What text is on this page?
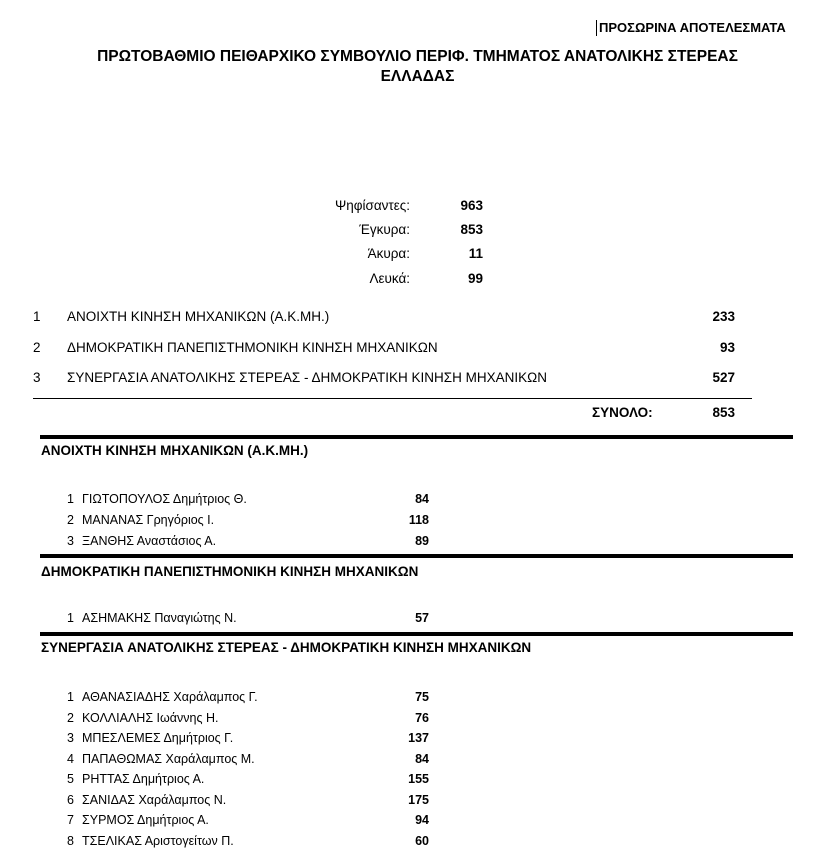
ΠΡΟΣΩΡΙΝΑ ΑΠΟΤΕΛΕΣΜΑΤΑ
ΠΡΩΤΟΒΑΘΜΙΟ ΠΕΙΘΑΡΧΙΚΟ ΣΥΜΒΟΥΛΙΟ ΠΕΡΙΦ. ΤΜΗΜΑΤΟΣ ΑΝΑΤΟΛΙΚΗΣ ΣΤΕΡΕΑΣ
ΕΛΛΑΔΑΣ
Ψηφίσαντες:	963
Έγκυρα:	853
Άκυρα:	11
Λευκά:	99
1 ΑΝΟΙΧΤΗ ΚΙΝΗΣΗ ΜΗΧΑΝΙΚΩΝ (Α.Κ.ΜΗ.)	233
2 ΔΗΜΟΚΡΑΤΙΚΗ ΠΑΝΕΠΙΣΤΗΜΟΝΙΚΗ ΚΙΝΗΣΗ ΜΗΧΑΝΙΚΩΝ	93
3 ΣΥΝΕΡΓΑΣΙΑ ΑΝΑΤΟΛΙΚΗΣ ΣΤΕΡΕΑΣ - ΔΗΜΟΚΡΑΤΙΚΗ ΚΙΝΗΣΗ ΜΗΧΑΝΙΚΩΝ	527
ΣΥΝΟΛΟ:	853
ΑΝΟΙΧΤΗ ΚΙΝΗΣΗ ΜΗΧΑΝΙΚΩΝ (Α.Κ.ΜΗ.)
1 ΓΙΩΤΟΠΟΥΛΟΣ Δημήτριος Θ.	84
2 ΜΑΝΑΝΑΣ Γρηγόριος Ι.	118
3 ΞΑΝΘΗΣ Αναστάσιος Α.	89
ΔΗΜΟΚΡΑΤΙΚΗ ΠΑΝΕΠΙΣΤΗΜΟΝΙΚΗ ΚΙΝΗΣΗ ΜΗΧΑΝΙΚΩΝ
1 ΑΣΗΜΑΚΗΣ Παναγιώτης Ν.	57
ΣΥΝΕΡΓΑΣΙΑ ΑΝΑΤΟΛΙΚΗΣ ΣΤΕΡΕΑΣ - ΔΗΜΟΚΡΑΤΙΚΗ ΚΙΝΗΣΗ ΜΗΧΑΝΙΚΩΝ
1 ΑΘΑΝΑΣΙΑΔΗΣ Χαράλαμπος Γ.	75
2 ΚΟΛΛΙΑΛΗΣ Ιωάννης Η.	76
3 ΜΠΕΣΛΕΜΕΣ Δημήτριος Γ.	137
4 ΠΑΠΑΘΩΜΑΣ Χαράλαμπος Μ.	84
5 ΡΗΤΤΑΣ Δημήτριος Α.	155
6 ΣΑΝΙΔΑΣ Χαράλαμπος Ν.	175
7 ΣΥΡΜΟΣ Δημήτριος Α.	94
8 ΤΣΕΛΙΚΑΣ Αριστογείτων Π.	60
